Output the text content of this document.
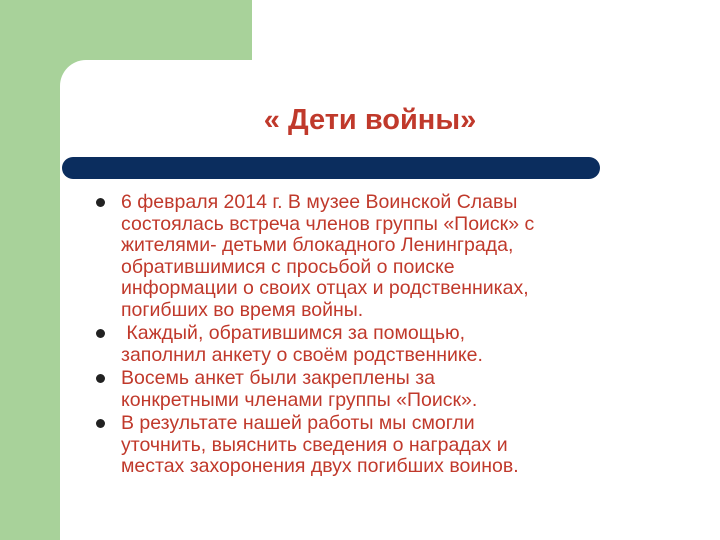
« Дети войны»
6 февраля 2014 г. В музее Воинской Славы
состоялась встреча членов группы «Поиск» с
жителями- детьми блокадного Ленинграда,
обратившимися с просьбой о поиске
информации о своих отцах и родственниках,
погибших во время войны.
Каждый, обратившимся за помощью,
заполнил анкету о своём родственнике.
Восемь анкет были закреплены за
конкретными членами группы «Поиск».
В результате нашей работы мы смогли
уточнить, выяснить сведения о наградах и
местах захоронения двух погибших воинов.
